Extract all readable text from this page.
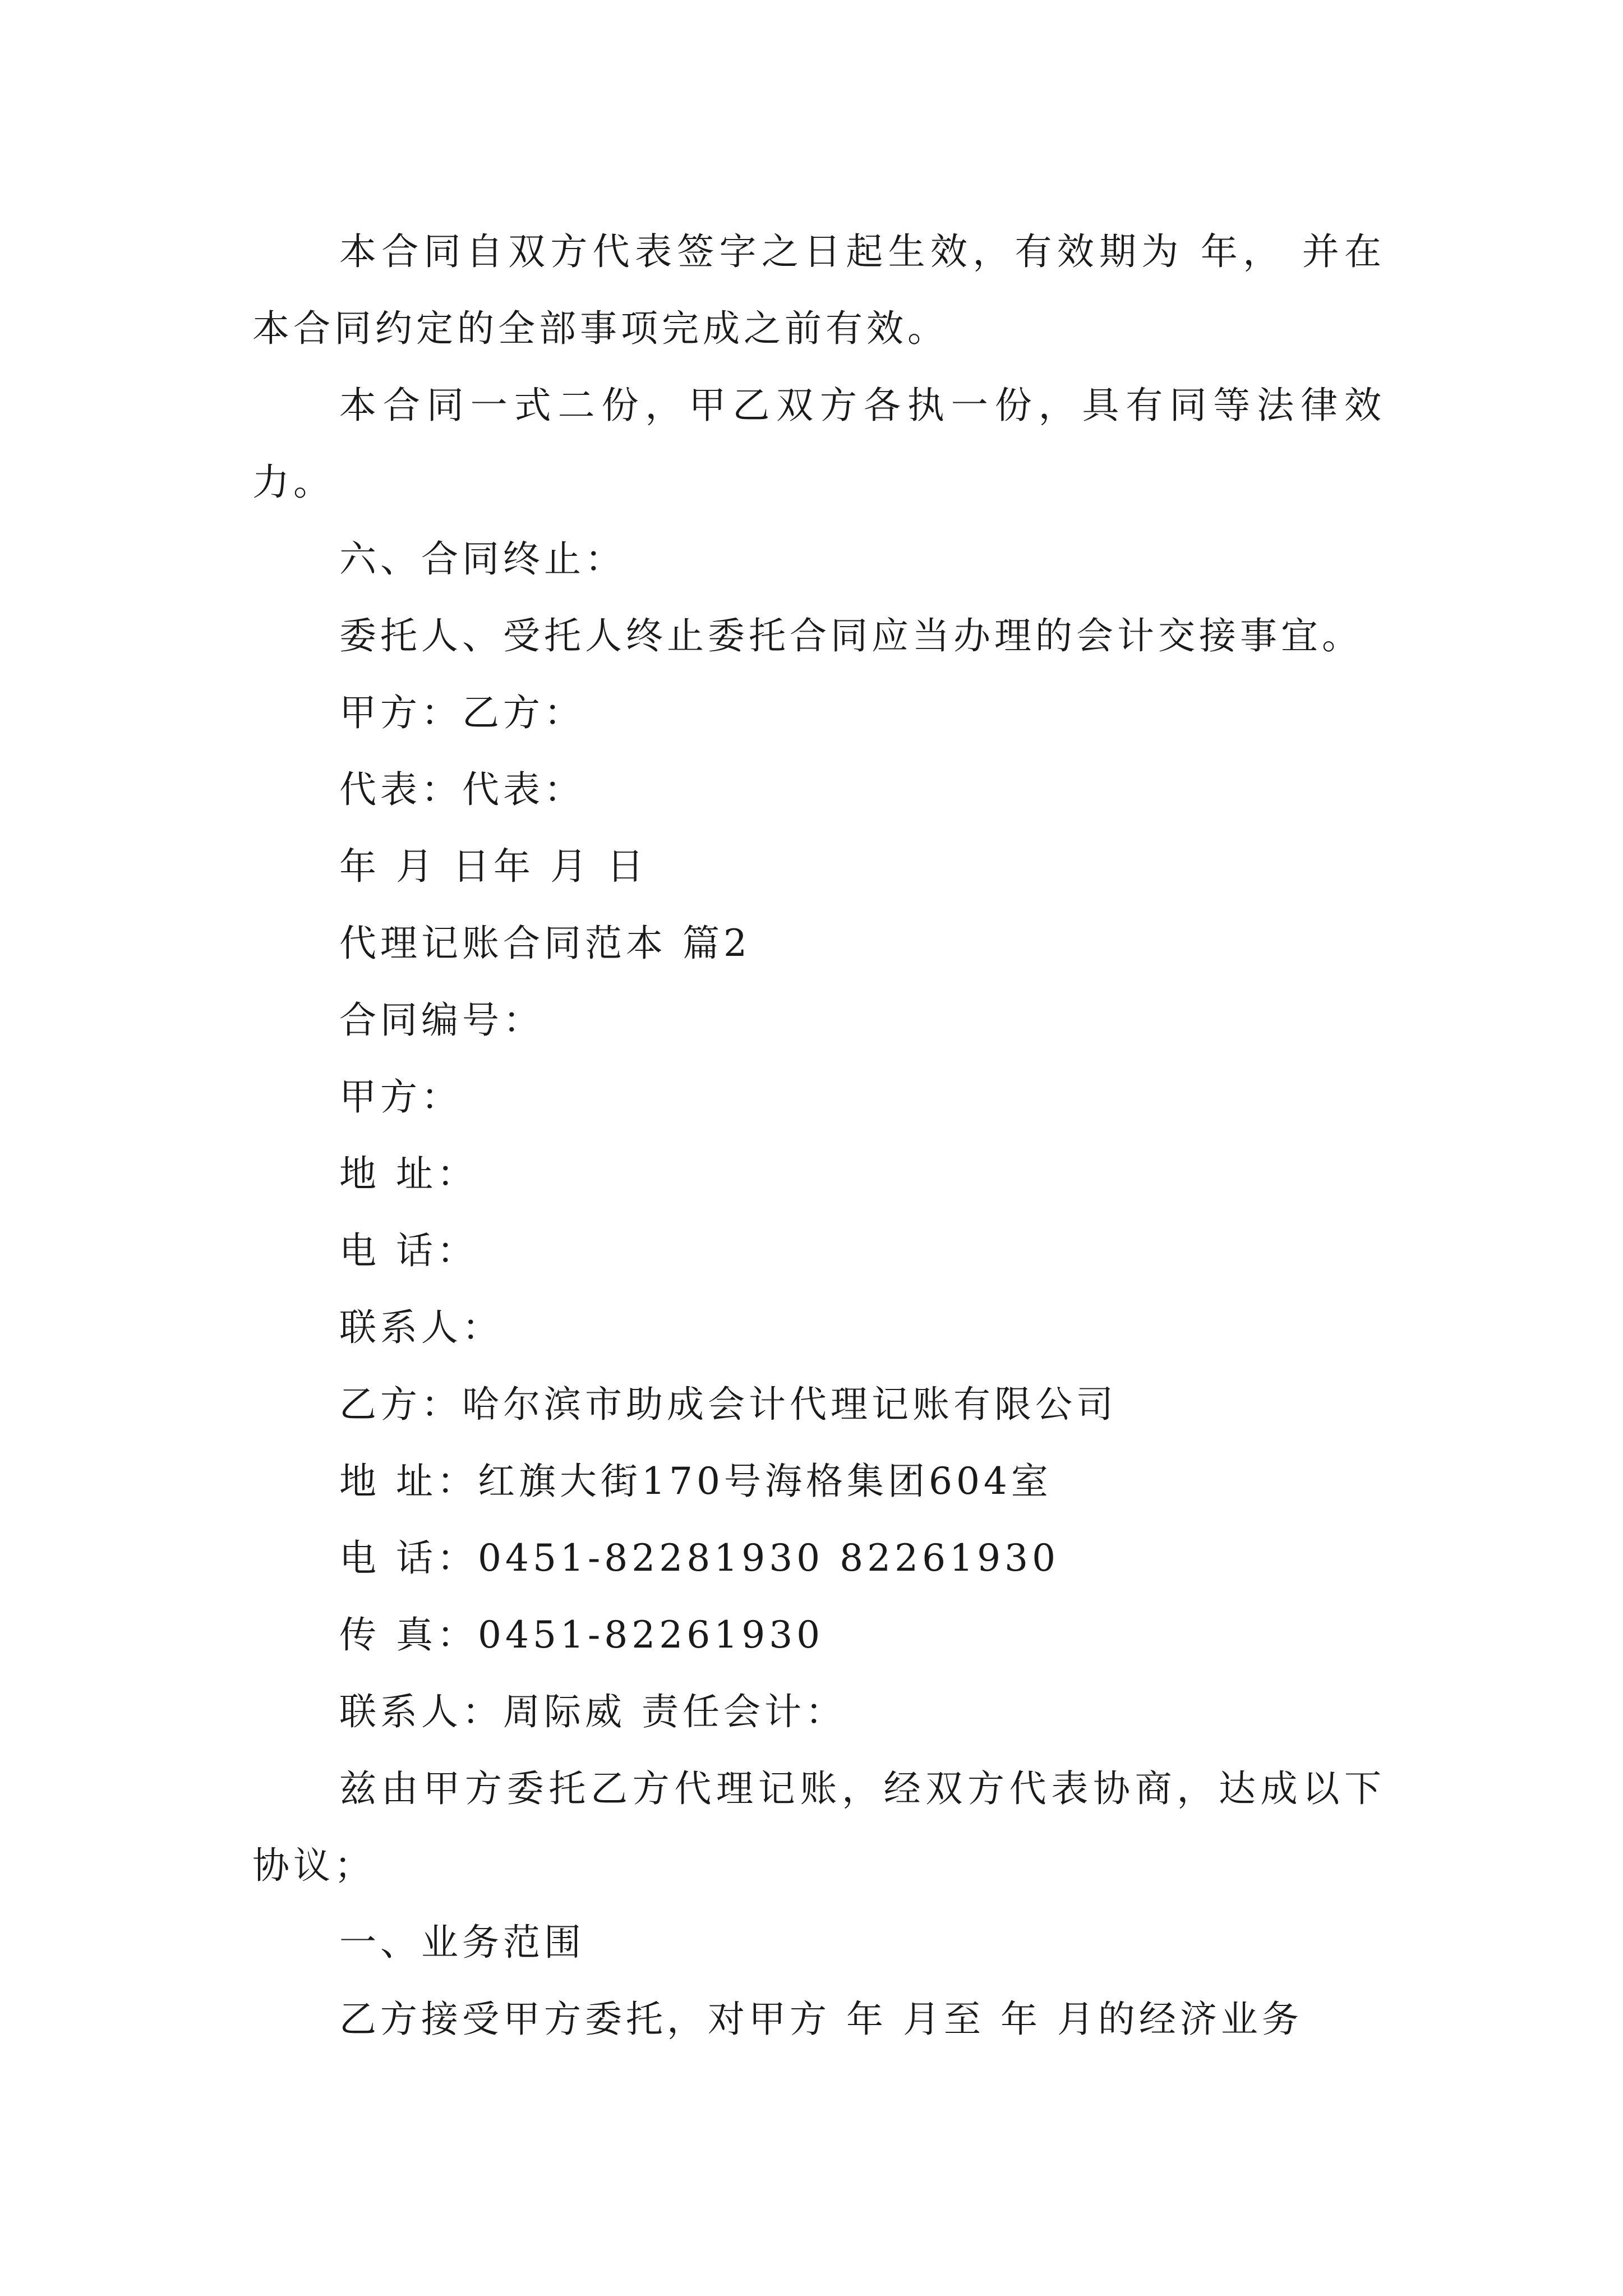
本合同自双方代表签字之日起生效，有效期为 年， 并在本合同约定的全部事项完成之前有效。

本合同一式二份，甲乙双方各执一份，具有同等法律效力。

六、合同终止：

委托人、受托人终止委托合同应当办理的会计交接事宜。

甲方：乙方：

代表：代表：

年 月 日年 月 日

代理记账合同范本 篇2

合同编号：

甲方：

地 址：

电 话：

联系人：

乙方：哈尔滨市助成会计代理记账有限公司

地 址：红旗大街170号海格集团604室

电 话：0451-82281930 82261930

传 真：0451-82261930

联系人：周际威 责任会计：

兹由甲方委托乙方代理记账，经双方代表协商，达成以下协议；

一、业务范围

乙方接受甲方委托，对甲方 年 月至 年 月的经济业务
